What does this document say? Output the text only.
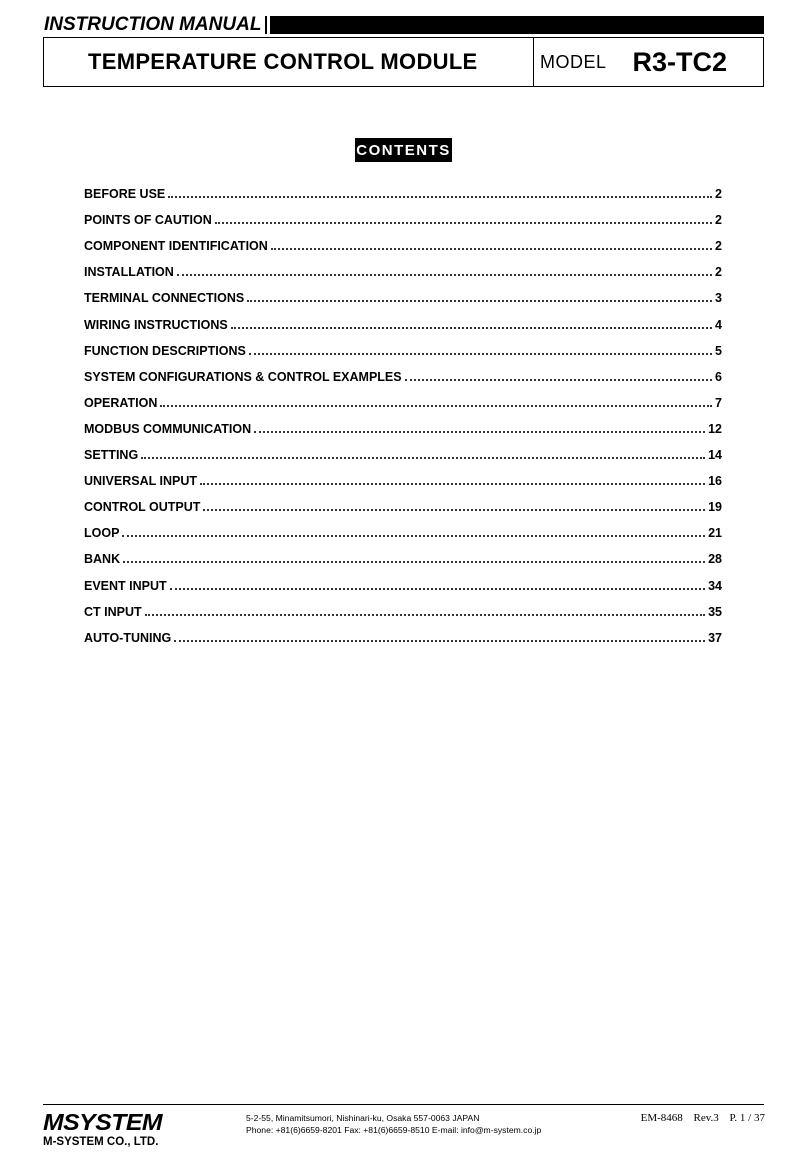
INSTRUCTION MANUAL
TEMPERATURE CONTROL MODULE	MODEL R3-TC2
CONTENTS
BEFORE USE	2
POINTS OF CAUTION	2
COMPONENT IDENTIFICATION	2
INSTALLATION	2
TERMINAL CONNECTIONS	3
WIRING INSTRUCTIONS	4
FUNCTION DESCRIPTIONS	5
SYSTEM CONFIGURATIONS & CONTROL EXAMPLES	6
OPERATION	7
MODBUS COMMUNICATION	12
SETTING	14
UNIVERSAL INPUT	16
CONTROL OUTPUT	19
LOOP	21
BANK	28
EVENT INPUT	34
CT INPUT	35
AUTO-TUNING	37
MSYSTEM
M-SYSTEM CO., LTD.
5-2-55, Minamitsumori, Nishinari-ku, Osaka 557-0063 JAPAN
Phone: +81(6)6659-8201 Fax: +81(6)6659-8510 E-mail: info@m-system.co.jp
EM-8468 Rev.3 P. 1 / 37
